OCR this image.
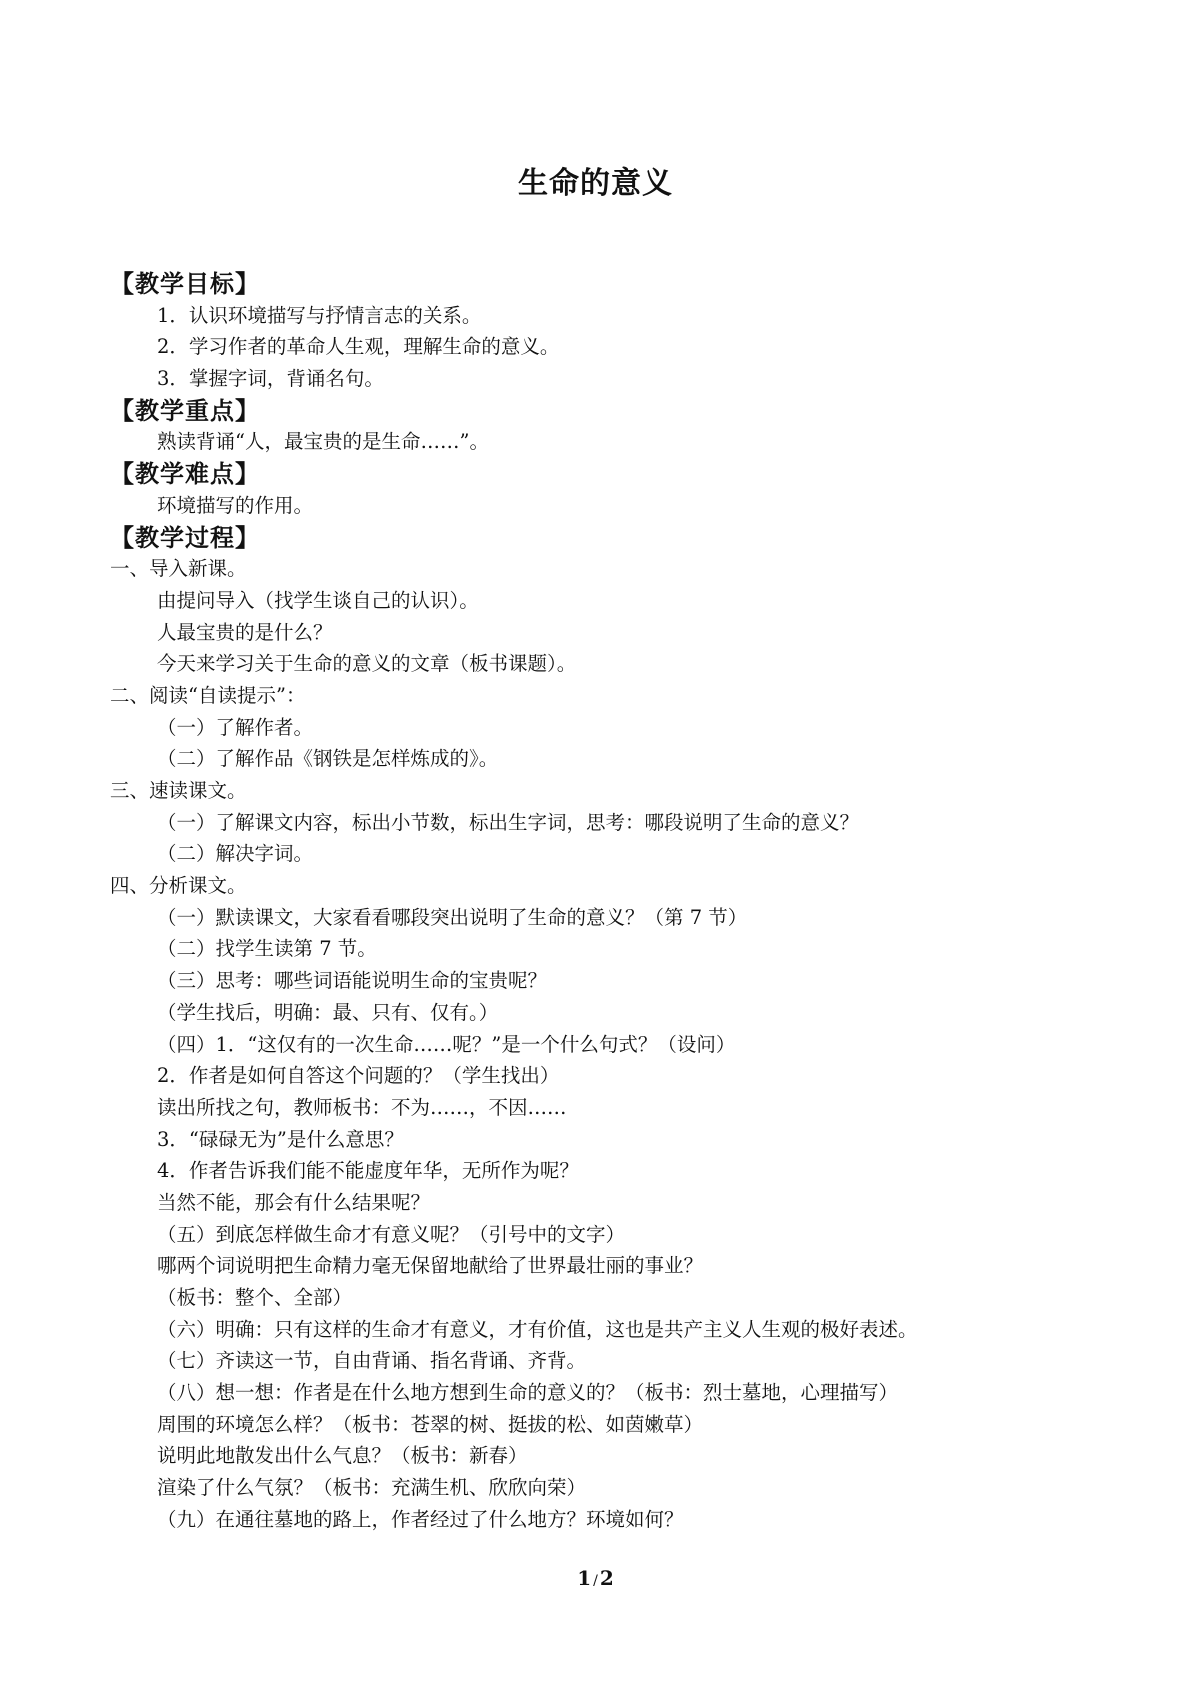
生命的意义
【教学目标】
1．认识环境描写与抒情言志的关系。
2．学习作者的革命人生观，理解生命的意义。
3．掌握字词，背诵名句。
【教学重点】
熟读背诵“人，最宝贵的是生命……”。
【教学难点】
环境描写的作用。
【教学过程】
一、导入新课。
由提问导入（找学生谈自己的认识）。
人最宝贵的是什么？
今天来学习关于生命的意义的文章（板书课题）。
二、阅读“自读提示”：
（一）了解作者。
（二）了解作品《钢铁是怎样炼成的》。
三、速读课文。
（一）了解课文内容，标出小节数，标出生字词，思考：哪段说明了生命的意义？
（二）解决字词。
四、分析课文。
（一）默读课文，大家看看哪段突出说明了生命的意义？（第 7 节）
（二）找学生读第 7 节。
（三）思考：哪些词语能说明生命的宝贵呢？
（学生找后，明确：最、只有、仅有。）
（四）1．“这仅有的一次生命……呢？”是一个什么句式？（设问）
2．作者是如何自答这个问题的？（学生找出）
读出所找之句，教师板书：不为……，不因……
3．“碌碌无为”是什么意思？
4．作者告诉我们能不能虚度年华，无所作为呢？
当然不能，那会有什么结果呢？
（五）到底怎样做生命才有意义呢？（引号中的文字）
哪两个词说明把生命精力毫无保留地献给了世界最壮丽的事业？
（板书：整个、全部）
（六）明确：只有这样的生命才有意义，才有价值，这也是共产主义人生观的极好表述。
（七）齐读这一节，自由背诵、指名背诵、齐背。
（八）想一想：作者是在什么地方想到生命的意义的？（板书：烈士墓地，心理描写）
周围的环境怎么样？（板书：苍翠的树、挺拔的松、如茵嫩草）
说明此地散发出什么气息？（板书：新春）
渲染了什么气氛？（板书：充满生机、欣欣向荣）
（九）在通往墓地的路上，作者经过了什么地方？环境如何？
1 / 2
